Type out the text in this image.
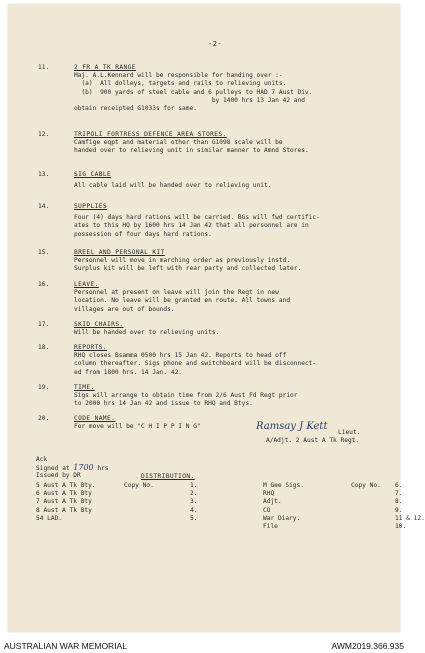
-2-
11.	2 FR A TK RANGE
Maj. A.L.Kennard will be responsible for handing over :-
(a)  All dolleys, targets and rails to relieving units.
(b)  900 yards of steel cable and 6 pulleys to HAD 7 Aust Div.
by 1400 hrs 13 Jan 42 and
obtain receipted G1033s for same.
12.	TRIPOLI FORTRESS DEFENCE AREA STORES.
Camfige eqpt and material other than G1098 scale will be
handed over to relieving unit in similar manner to Amnd Stores.
13.	SIG CABLE
All cable laid will be handed over to relieving unit.
14.	SUPPLIES
Four (4) days hard rations will be carried. BGs will fwd certific-
ates to this HQ by 1600 hrs 14 Jan 42 that all personnel are in
possession of four days hard rations.
15.	BREEL AND PERSONAL KIT
Personnel will move in marching order as previously instd.
Surplus kit will be left with rear party and collected later.
16.	LEAVE.
Personnel at present on leave will join the Regt in new
location. No leave will be granted en route. All towns and
villages are out of bounds.
17.	SKID CHAIRS.
Will be handed over to relieving units.
18.	REPORTS.
RHQ closes Bsamma 0500 hrs 15 Jan 42. Reports to head off
column thereafter. Sigs phone and switchboard will be disconnect-
ed from 1800 hrs. 14 Jan. 42.
19.	TIME.
Sigs will arrange to obtain time from 2/6 Aust Fd Regt prior
to 2000 hrs 14 Jan 42 and issue to RHQ and Btys.
20.	CODE NAME.
For move will be "C H I P P I N G"	Ramsay J Kett
Lieut.
A/Adjt. 2 Aust A Tk Regt.
Ack
Signed at 1700 hrs
Issued by DR	DISTRIBUTION.
5 Aust A Tk Bty.	Copy No.	1.
6 Aust A Tk Bty	2.
7 Aust A Tk Bty	3.
8 Aust A Tk Bty	4.
54 LAD.	5.
M Gee Sigs.	Copy No.	6.
RHQ	7.
Adjt.	8.
CO	9.
War Diary.	11 & 12.
File	10.
AUSTRALIAN WAR MEMORIAL	AWM2019.366.935
